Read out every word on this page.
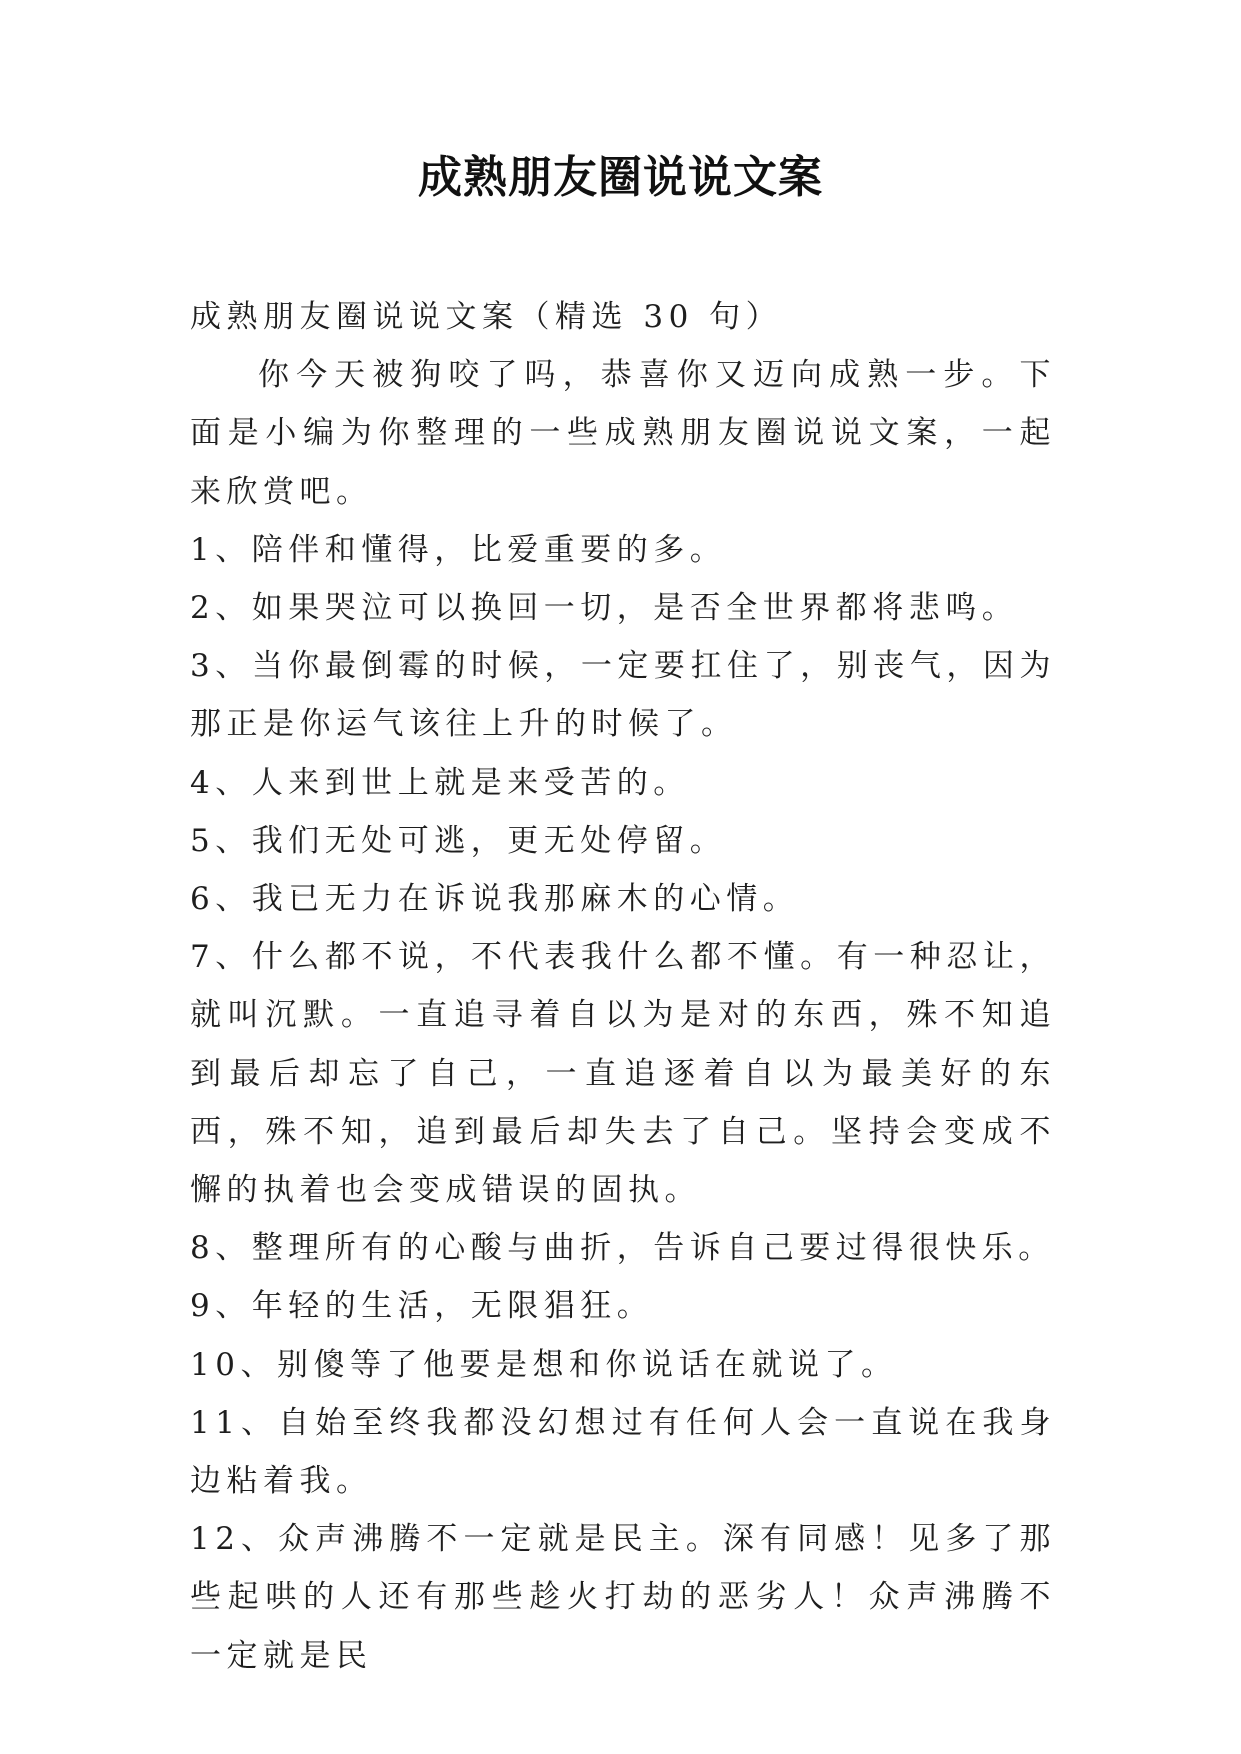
成熟朋友圈说说文案

成熟朋友圈说说文案（精选 30 句）

你今天被狗咬了吗，恭喜你又迈向成熟一步。下面是小编为你整理的一些成熟朋友圈说说文案，一起来欣赏吧。

1、陪伴和懂得，比爱重要的多。

2、如果哭泣可以换回一切，是否全世界都将悲鸣。

3、当你最倒霉的时候，一定要扛住了，别丧气，因为那正是你运气该往上升的时候了。

4、人来到世上就是来受苦的。

5、我们无处可逃，更无处停留。

6、我已无力在诉说我那麻木的心情。

7、什么都不说，不代表我什么都不懂。有一种忍让，就叫沉默。一直追寻着自以为是对的东西，殊不知追到最后却忘了自己，一直追逐着自以为最美好的东西，殊不知，追到最后却失去了自己。坚持会变成不懈的执着也会变成错误的固执。

8、整理所有的心酸与曲折，告诉自己要过得很快乐。

9、年轻的生活，无限猖狂。

10、别傻等了他要是想和你说话在就说了。

11、自始至终我都没幻想过有任何人会一直说在我身边粘着我。

12、众声沸腾不一定就是民主。深有同感！见多了那些起哄的人还有那些趁火打劫的恶劣人！众声沸腾不一定就是民
